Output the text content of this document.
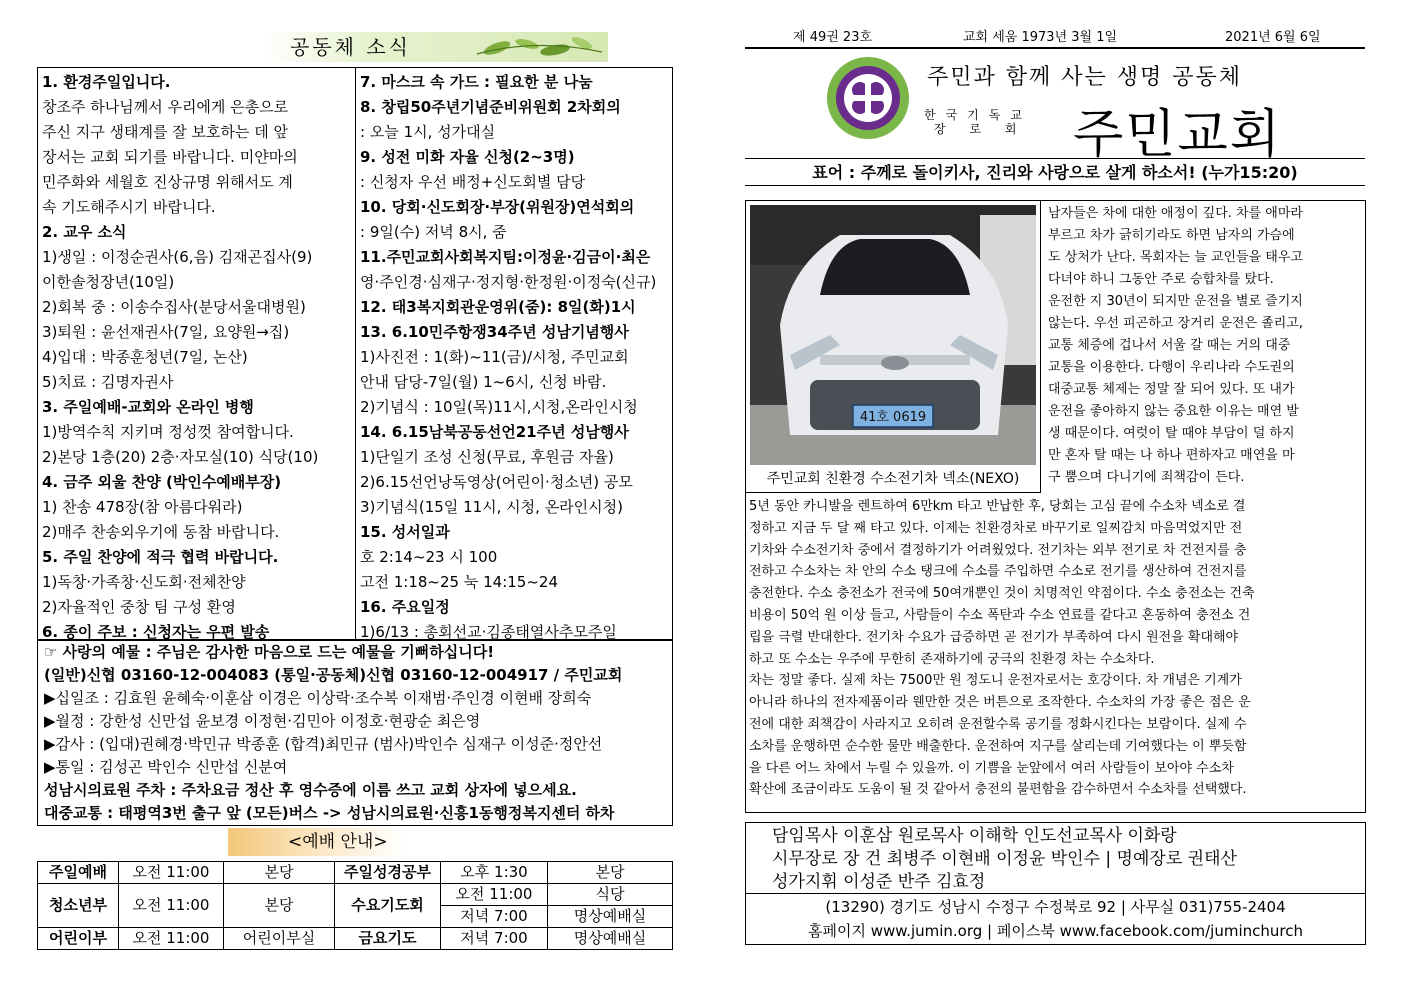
공동체 소식
1. 환경주일입니다.
창조주 하나님께서 우리에게 은총으로
주신 지구 생태계를 잘 보호하는 데 앞
장서는 교회 되기를 바랍니다. 미얀마의
민주화와 세월호 진상규명 위해서도 계
속 기도해주시기 바랍니다.
2. 교우 소식
1)생일 : 이정순권사(6,음) 김재곤집사(9)
이한솔청장년(10일)
2)회복 중 : 이송수집사(분당서울대병원)
3)퇴원 : 윤선재권사(7일, 요양원→집)
4)입대 : 박종훈청년(7일, 논산)
5)치료 : 김명자권사
3. 주일예배-교회와 온라인 병행
1)방역수칙 지키며 정성껏 참여합니다.
2)본당 1층(20) 2층·자모실(10) 식당(10)
4. 금주 외울 찬양 (박인수예배부장)
1) 찬송 478장(참 아름다워라)
2)매주 찬송외우기에 동참 바랍니다.
5. 주일 찬양에 적극 협력 바랍니다.
1)독창·가족창·신도회·전체찬양
2)자율적인 중창 팀 구성 환영
6. 종이 주보 : 신청자는 우편 발송
7. 마스크 속 가드 : 필요한 분 나눔
8. 창립50주년기념준비위원회 2차회의
: 오늘 1시, 성가대실
9. 성전 미화 자율 신청(2~3명)
: 신청자 우선 배정+신도회별 담당
10. 당회·신도회장·부장(위원장)연석회의
: 9일(수) 저녁 8시, 줌
11.주민교회사회복지팀:이정윤·김금이·최은
영·주인경·심재구·정지형·한정원·이정숙(신규)
12. 태3복지회관운영위(줌): 8일(화)1시
13. 6.10민주항쟁34주년 성남기념행사
1)사진전 : 1(화)~11(금)/시청, 주민교회
안내 담당-7일(월) 1~6시, 신청 바람.
2)기념식 : 10일(목)11시,시청,온라인시청
14. 6.15남북공동선언21주년 성남행사
1)단일기 조성 신청(무료, 후원금 자율)
2)6.15선언낭독영상(어린이·청소년) 공모
3)기념식(15일 11시, 시청, 온라인시청)
15. 성서일과
호 2:14~23 시 100
고전 1:18~25 눅 14:15~24
16. 주요일정
1)6/13 : 총회선교·김종태열사추모주일
☞ 사랑의 예물 : 주님은 감사한 마음으로 드는 예물을 기뻐하십니다!
(일반)신협 03160-12-004083 (통일·공동체)신협 03160-12-004917 / 주민교회
▶십일조 : 김효원 윤혜숙·이훈삼 이경은 이상락·조수복 이재범·주인경 이현배 장희숙
▶월정 : 강한성 신만섭 윤보경 이정현·김민아 이정호·현광순 최은영
▶감사 : (입대)권혜경·박민규 박종훈 (합격)최민규 (범사)박인수 심재구 이성준·정안선
▶통일 : 김성곤 박인수 신만섭 신분여
성남시의료원 주차 : 주차요금 정산 후 영수증에 이름 쓰고 교회 상자에 넣으세요.
대중교통 : 태평역3번 출구 앞 (모든)버스 -> 성남시의료원·신흥1동행정복지센터 하차
<예배 안내>
주일예배	오전 11:00	본당	주일성경공부	오후 1:30	본당
청소년부	오전 11:00	본당	수요기도회	오전 11:00	식당
				저녁 7:00	명상예배실
어린이부	오전 11:00	어린이부실	금요기도	저녁 7:00	명상예배실
제 49권 23호	교회 세움 1973년 3월 1일	2021년 6월 6일
주민과 함께 사는 생명 공동체
한국기독교
장 로 회 주민교회
표어 : 주께로 돌이키사, 진리와 사랑으로 살게 하소서! (누가15:20)
41호 0619
주민교회 친환경 수소전기차 넥소(NEXO)
남자들은 차에 대한 애정이 깊다. 차를 애마라
부르고 차가 긁히기라도 하면 남자의 가슴에
도 상처가 난다. 목회자는 늘 교인들을 태우고
다녀야 하니 그동안 주로 승합차를 탔다.
운전한 지 30년이 되지만 운전을 별로 즐기지
않는다. 우선 피곤하고 장거리 운전은 졸리고,
교통 체증에 겁나서 서울 갈 때는 거의 대중
교통을 이용한다. 다행이 우리나라 수도권의
대중교통 체제는 정말 잘 되어 있다. 또 내가
운전을 좋아하지 않는 중요한 이유는 매연 발
생 때문이다. 여럿이 탈 때야 부담이 덜 하지
만 혼자 탈 때는 나 하나 편하자고 매연을 마
구 뿜으며 다니기에 죄책감이 든다.
5년 동안 카니발을 렌트하여 6만km 타고 반납한 후, 당회는 고심 끝에 수소차 넥소로 결
정하고 지금 두 달 째 타고 있다. 이제는 친환경차로 바꾸기로 일찌감치 마음먹었지만 전
기차와 수소전기차 중에서 결정하기가 어려웠었다. 전기차는 외부 전기로 차 건전지를 충
전하고 수소차는 차 안의 수소 탱크에 수소를 주입하면 수소로 전기를 생산하여 건전지를
충전한다. 수소 충전소가 전국에 50여개뿐인 것이 치명적인 약점이다. 수소 충전소는 건축
비용이 50억 원 이상 들고, 사람들이 수소 폭탄과 수소 연료를 같다고 혼동하여 충전소 건
립을 극렬 반대한다. 전기차 수요가 급증하면 곧 전기가 부족하여 다시 원전을 확대해야
하고 또 수소는 우주에 무한히 존재하기에 궁극의 친환경 차는 수소차다.
차는 정말 좋다. 실제 차는 7500만 원 정도니 운전자로서는 호강이다. 차 개념은 기계가
아니라 하나의 전자제품이라 웬만한 것은 버튼으로 조작한다. 수소차의 가장 좋은 점은 운
전에 대한 죄책감이 사라지고 오히려 운전할수록 공기를 정화시킨다는 보람이다. 실제 수
소차를 운행하면 순수한 물만 배출한다. 운전하여 지구를 살리는데 기여했다는 이 뿌듯함
을 다른 어느 차에서 누릴 수 있을까. 이 기쁨을 눈앞에서 여러 사람들이 보아야 수소차
확산에 조금이라도 도움이 될 것 같아서 충전의 불편함을 감수하면서 수소차를 선택했다.
담임목사 이훈삼 원로목사 이해학 인도선교목사 이화랑
시무장로 장 건 최병주 이현배 이정윤 박인수 | 명예장로 권태산
성가지휘 이성준 반주 김효정
(13290) 경기도 성남시 수정구 수정북로 92 | 사무실 031)755-2404
홈페이지 www.jumin.org | 페이스북 www.facebook.com/juminchurch
